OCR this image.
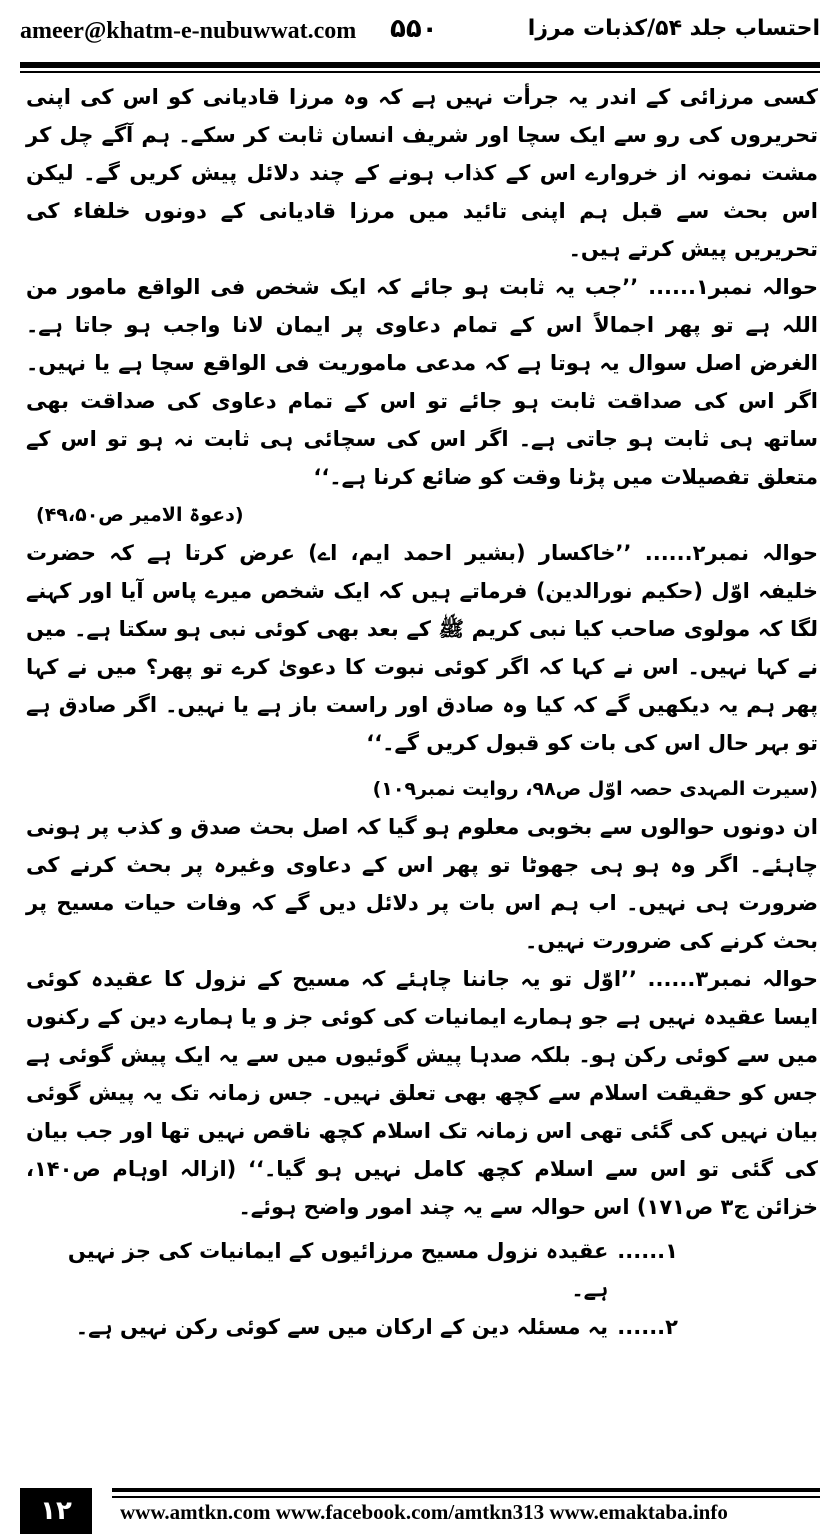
ameer@khatm-e-nubuwwat.com ۵۵۰	احتساب جلد ۵۴/کذبات مرزا

کسی مرزائی کے اندر یہ جرأت نہیں ہے کہ وہ مرزا قادیانی کو اس کی اپنی تحریروں کی رو سے ایک سچا اور شریف انسان ثابت کر سکے۔ ہم آگے چل کر مشت نمونہ از خروارے اس کے کذاب ہونے کے چند دلائل پیش کریں گے۔ لیکن اس بحث سے قبل ہم اپنی تائید میں مرزا قادیانی کے دونوں خلفاء کی تحریریں پیش کرتے ہیں۔

حوالہ نمبر۱...... ’’جب یہ ثابت ہو جائے کہ ایک شخص فی الواقع مامور من اللہ ہے تو پھر اجمالاً اس کے تمام دعاوی پر ایمان لانا واجب ہو جاتا ہے۔ الغرض اصل سوال یہ ہوتا ہے کہ مدعی ماموریت فی الواقع سچا ہے یا نہیں۔ اگر اس کی صداقت ثابت ہو جائے تو اس کے تمام دعاوی کی صداقت بھی ساتھ ہی ثابت ہو جاتی ہے۔ اگر اس کی سچائی ہی ثابت نہ ہو تو اس کے متعلق تفصیلات میں پڑنا وقت کو ضائع کرنا ہے۔‘‘

(دعوۃ الامیر ص۴۹،۵۰)

حوالہ نمبر۲...... ’’خاکسار (بشیر احمد ایم، اے) عرض کرتا ہے کہ حضرت خلیفہ اوّل (حکیم نورالدین) فرماتے ہیں کہ ایک شخص میرے پاس آیا اور کہنے لگا کہ مولوی صاحب کیا نبی کریم ﷺ کے بعد بھی کوئی نبی ہو سکتا ہے۔ میں نے کہا نہیں۔ اس نے کہا کہ اگر کوئی نبوت کا دعویٰ کرے تو پھر؟ میں نے کہا پھر ہم یہ دیکھیں گے کہ کیا وہ صادق اور راست باز ہے یا نہیں۔ اگر صادق ہے تو بہر حال اس کی بات کو قبول کریں گے۔‘‘

(سیرت المہدی حصہ اوّل ص۹۸، روایت نمبر۱۰۹)

ان دونوں حوالوں سے بخوبی معلوم ہو گیا کہ اصل بحث صدق و کذب پر ہونی چاہئے۔ اگر وہ ہو ہی جھوٹا تو پھر اس کے دعاوی وغیرہ پر بحث کرنے کی ضرورت ہی نہیں۔ اب ہم اس بات پر دلائل دیں گے کہ وفات حیات مسیح پر بحث کرنے کی ضرورت نہیں۔

حوالہ نمبر۳...... ’’اوّل تو یہ جاننا چاہئے کہ مسیح کے نزول کا عقیدہ کوئی ایسا عقیدہ نہیں ہے جو ہمارے ایمانیات کی کوئی جز و یا ہمارے دین کے رکنوں میں سے کوئی رکن ہو۔ بلکہ صدہا پیش گوئیوں میں سے یہ ایک پیش گوئی ہے جس کو حقیقت اسلام سے کچھ بھی تعلق نہیں۔ جس زمانہ تک یہ پیش گوئی بیان نہیں کی گئی تھی اس زمانہ تک اسلام کچھ ناقص نہیں تھا اور جب بیان کی گئی تو اس سے اسلام کچھ کامل نہیں ہو گیا۔‘‘ (ازالہ اوہام ص۱۴۰، خزائن ج۳ ص۱۷۱) اس حوالہ سے یہ چند امور واضح ہوئے۔

۱......
عقیدہ نزول مسیح مرزائیوں کے ایمانیات کی جز نہیں ہے۔
۲......
یہ مسئلہ دین کے ارکان میں سے کوئی رکن نہیں ہے۔
۱۲	www.amtkn.com www.facebook.com/amtkn313 www.emaktaba.info
